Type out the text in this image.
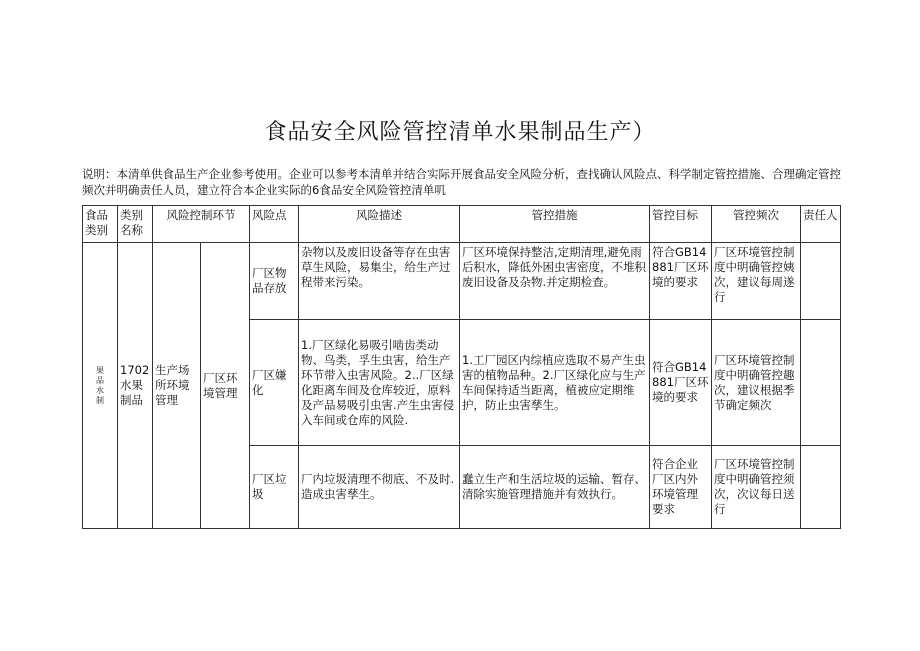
食品安全风险管控清单水果制品生产）
说明：本清单供食品生产企业参考使用。企业可以参考本清单并结合实际开展食品安全风险分析，查找确认风险点、科学制定管控措施、合理确定管控频次并明确责任人员，建立符合本企业实际的6食品安全风险管控清单叽
食品类别	类别名称	风险控制环节		风险点	风险描述	管控措施	管控目标	管控频次	责任人
果品水制	1702水果制品	生产场所环境管理	厂区环境管理	厂区物品存放	杂物以及废旧设备等存在虫害草生风险，易集尘，给生产过程带来污染。	厂区环境保持整洁,定期清理,避免雨后积水，降低外困虫害密度，不堆积废旧设备及杂物.并定期检查。	符合GB14881厂区环境的要求	厂区环境管控制度中明确管控姨次，建议每周遂行	
				厂区嫌化	1.厂区绿化易吸引啮齿类动物、鸟类，孚生虫害，给生产环节带入虫害风险。2..厂区绿化距离车间及仓库较近，原料及产品易吸引虫害.产生虫害侵入车间或仓库的风险.	1.工厂园区内综植应选取不易产生虫害的植物品种。2.厂区绿化应与生产车间保持适当距离，植被应定期维护，防止虫害孳生。	符合GB14881厂区环境的要求	厂区环境管控制度中明确管控趣次，建议根据季节确定频次	
				厂区垃圾	厂内垃圾清理不彻底、不及时.造成虫害孳生。	蠢立生产和生活垃圾的运输、暂存、清除实施管理措施并有效执行。	符合企业厂区内外环境管理要求	厂区环境管控制度中明确管控须次，次议每日送行	
